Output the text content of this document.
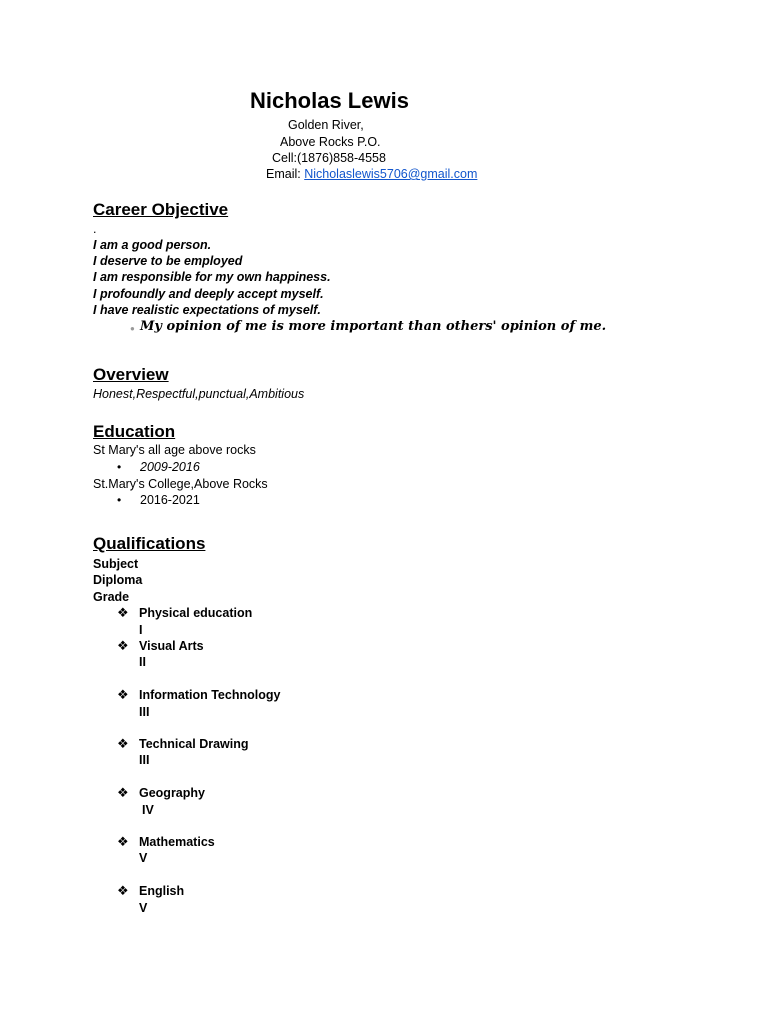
Nicholas Lewis
Golden River,
Above Rocks P.O.
Cell:(1876)858-4558
Email: Nicholaslewis5706@gmail.com
Career Objective
.
I am a good person.
I deserve to be employed
I am responsible for my own happiness.
I profoundly and deeply accept myself.
I have realistic expectations of myself.
● My opinion of me is more important than others' opinion of me.
Overview
Honest,Respectful,punctual,Ambitious
Education
St Mary's all age above rocks
• 2009-2016
St.Mary's College,Above Rocks
• 2016-2021
Qualifications
Subject
Diploma
Grade
❖ Physical education
I
❖ Visual Arts
II
❖ Information Technology
III
❖ Technical Drawing
III
❖ Geography
IV
❖ Mathematics
V
❖ English
V
